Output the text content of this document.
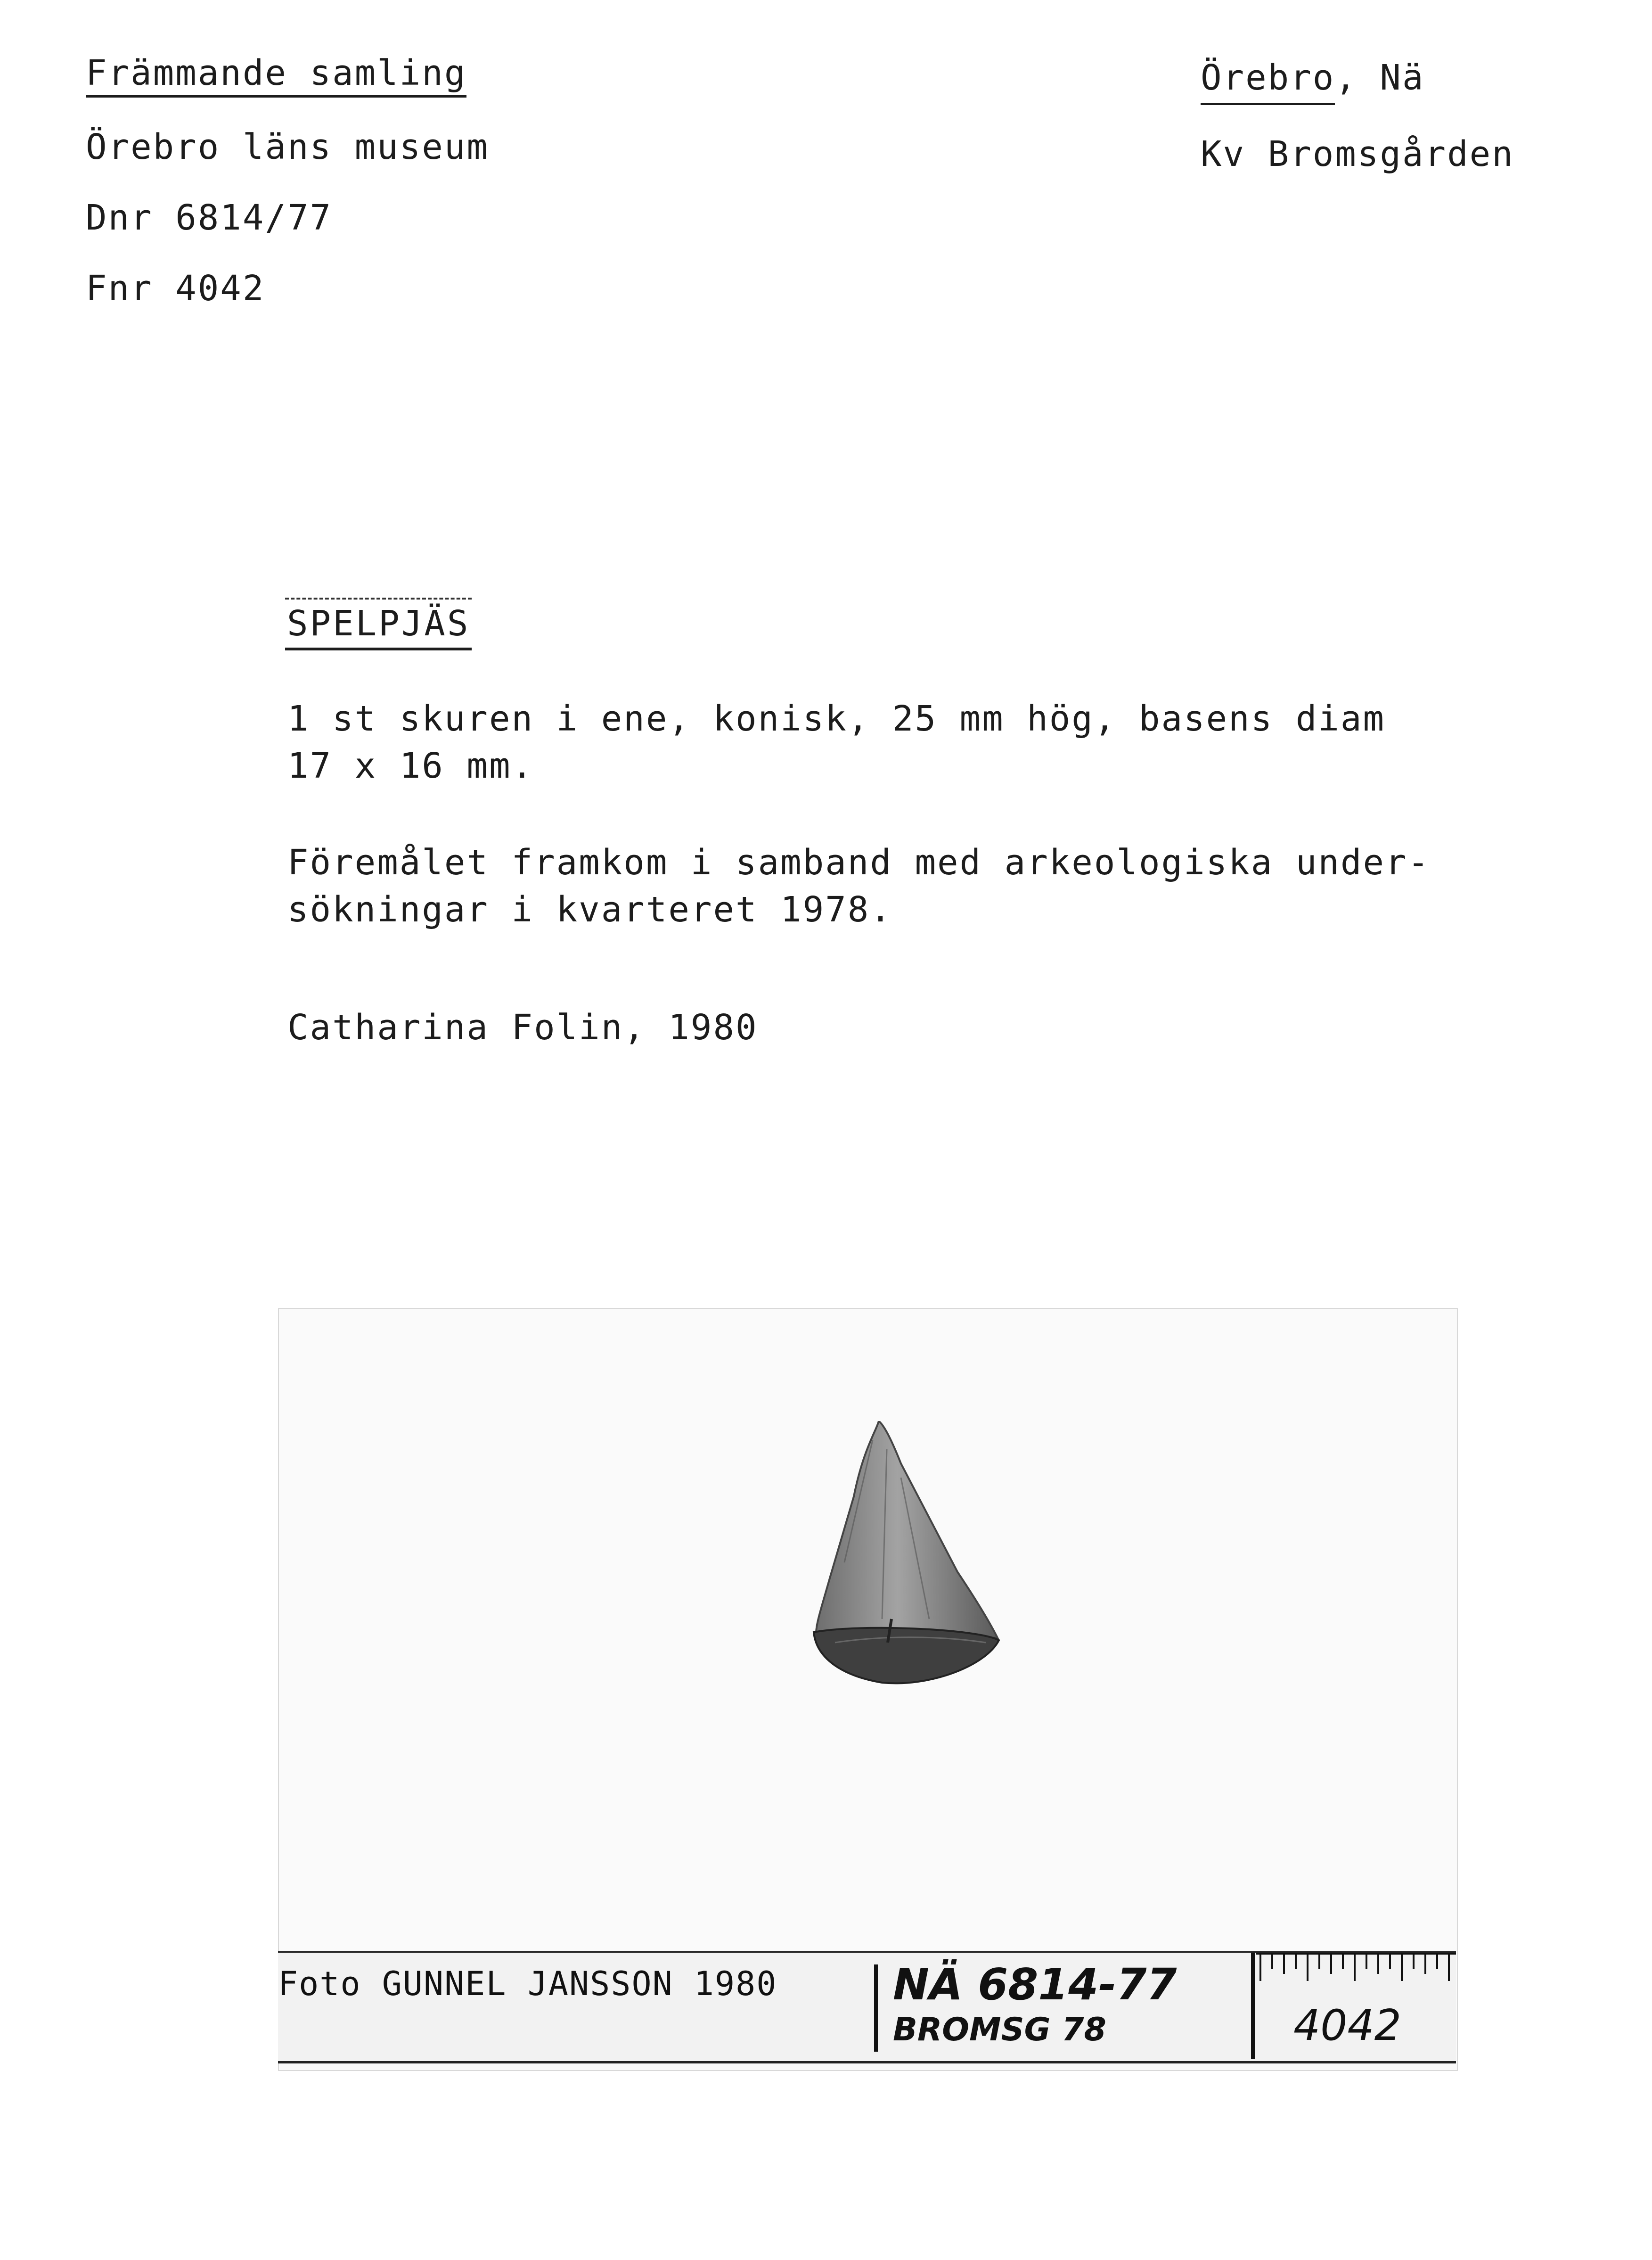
Främmande samling
Örebro läns museum
Dnr 6814/77
Fnr 4042
Örebro, Nä
Kv Bromsgården
SPELPJÄS
1 st skuren i ene, konisk, 25 mm hög, basens diam
17 x 16 mm.
Föremålet framkom i samband med arkeologiska under-
sökningar i kvarteret 1978.
Catharina Folin, 1980
Foto GUNNEL JANSSON 1980	NÄ 6814-77
BROMSG 78	4042
